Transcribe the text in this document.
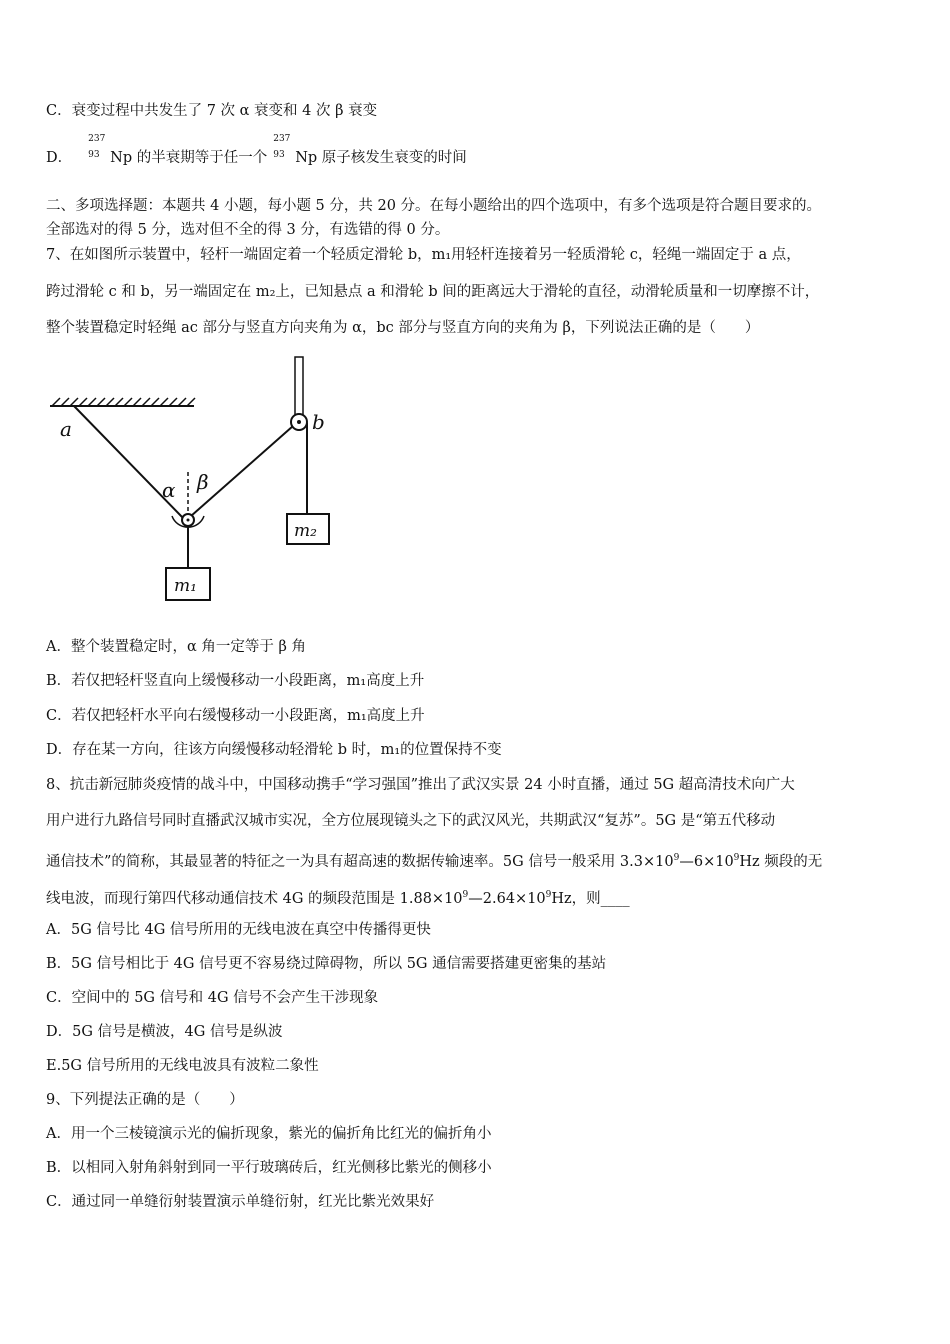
C．衰变过程中共发生了 7 次 α 衰变和 4 次 β 衰变
D．
237
93 Np 的半衰期等于任一个
237
93 Np 原子核发生衰变的时间
二、多项选择题：本题共 4 小题，每小题 5 分，共 20 分。在每小题给出的四个选项中，有多个选项是符合题目要求的。
全部选对的得 5 分，选对但不全的得 3 分，有选错的得 0 分。
7、在如图所示装置中，轻杆一端固定着一个轻质定滑轮 b，m₁用轻杆连接着另一轻质滑轮 c，轻绳一端固定于 a 点，
跨过滑轮 c 和 b，另一端固定在 m₂上，已知悬点 a 和滑轮 b 间的距离远大于滑轮的直径，动滑轮质量和一切摩擦不计，
整个装置稳定时轻绳 ac 部分与竖直方向夹角为 α，bc 部分与竖直方向的夹角为 β，下列说法正确的是（　　）
a	b
α β
m₁
m₂
A．整个装置稳定时，α 角一定等于 β 角
B．若仅把轻杆竖直向上缓慢移动一小段距离，m₁高度上升
C．若仅把轻杆水平向右缓慢移动一小段距离，m₁高度上升
D．存在某一方向，往该方向缓慢移动轻滑轮 b 时，m₁的位置保持不变
8、抗击新冠肺炎疫情的战斗中，中国移动携手“学习强国”推出了武汉实景 24 小时直播，通过 5G 超高清技术向广大
用户进行九路信号同时直播武汉城市实况，全方位展现镜头之下的武汉风光，共期武汉“复苏”。5G 是“第五代移动
通信技术”的简称，其最显著的特征之一为具有超高速的数据传输速率。5G 信号一般采用 $3.3\times 10^9—6\times 10^9Hz$ 频段的无
线电波，而现行第四代移动通信技术 4G 的频段范围是 $1.88\times 10^9—2.64\times 10^9Hz$，则____
A．5G 信号比 4G 信号所用的无线电波在真空中传播得更快
B．5G 信号相比于 4G 信号更不容易绕过障碍物，所以 5G 通信需要搭建更密集的基站
C．空间中的 5G 信号和 4G 信号不会产生干涉现象
D．5G 信号是横波，4G 信号是纵波
E.5G 信号所用的无线电波具有波粒二象性
9、下列提法正确的是（　　）
A．用一个三棱镜演示光的偏折现象，紫光的偏折角比红光的偏折角小
B．以相同入射角斜射到同一平行玻璃砖后，红光侧移比紫光的侧移小
C．通过同一单缝衍射装置演示单缝衍射，红光比紫光效果好
